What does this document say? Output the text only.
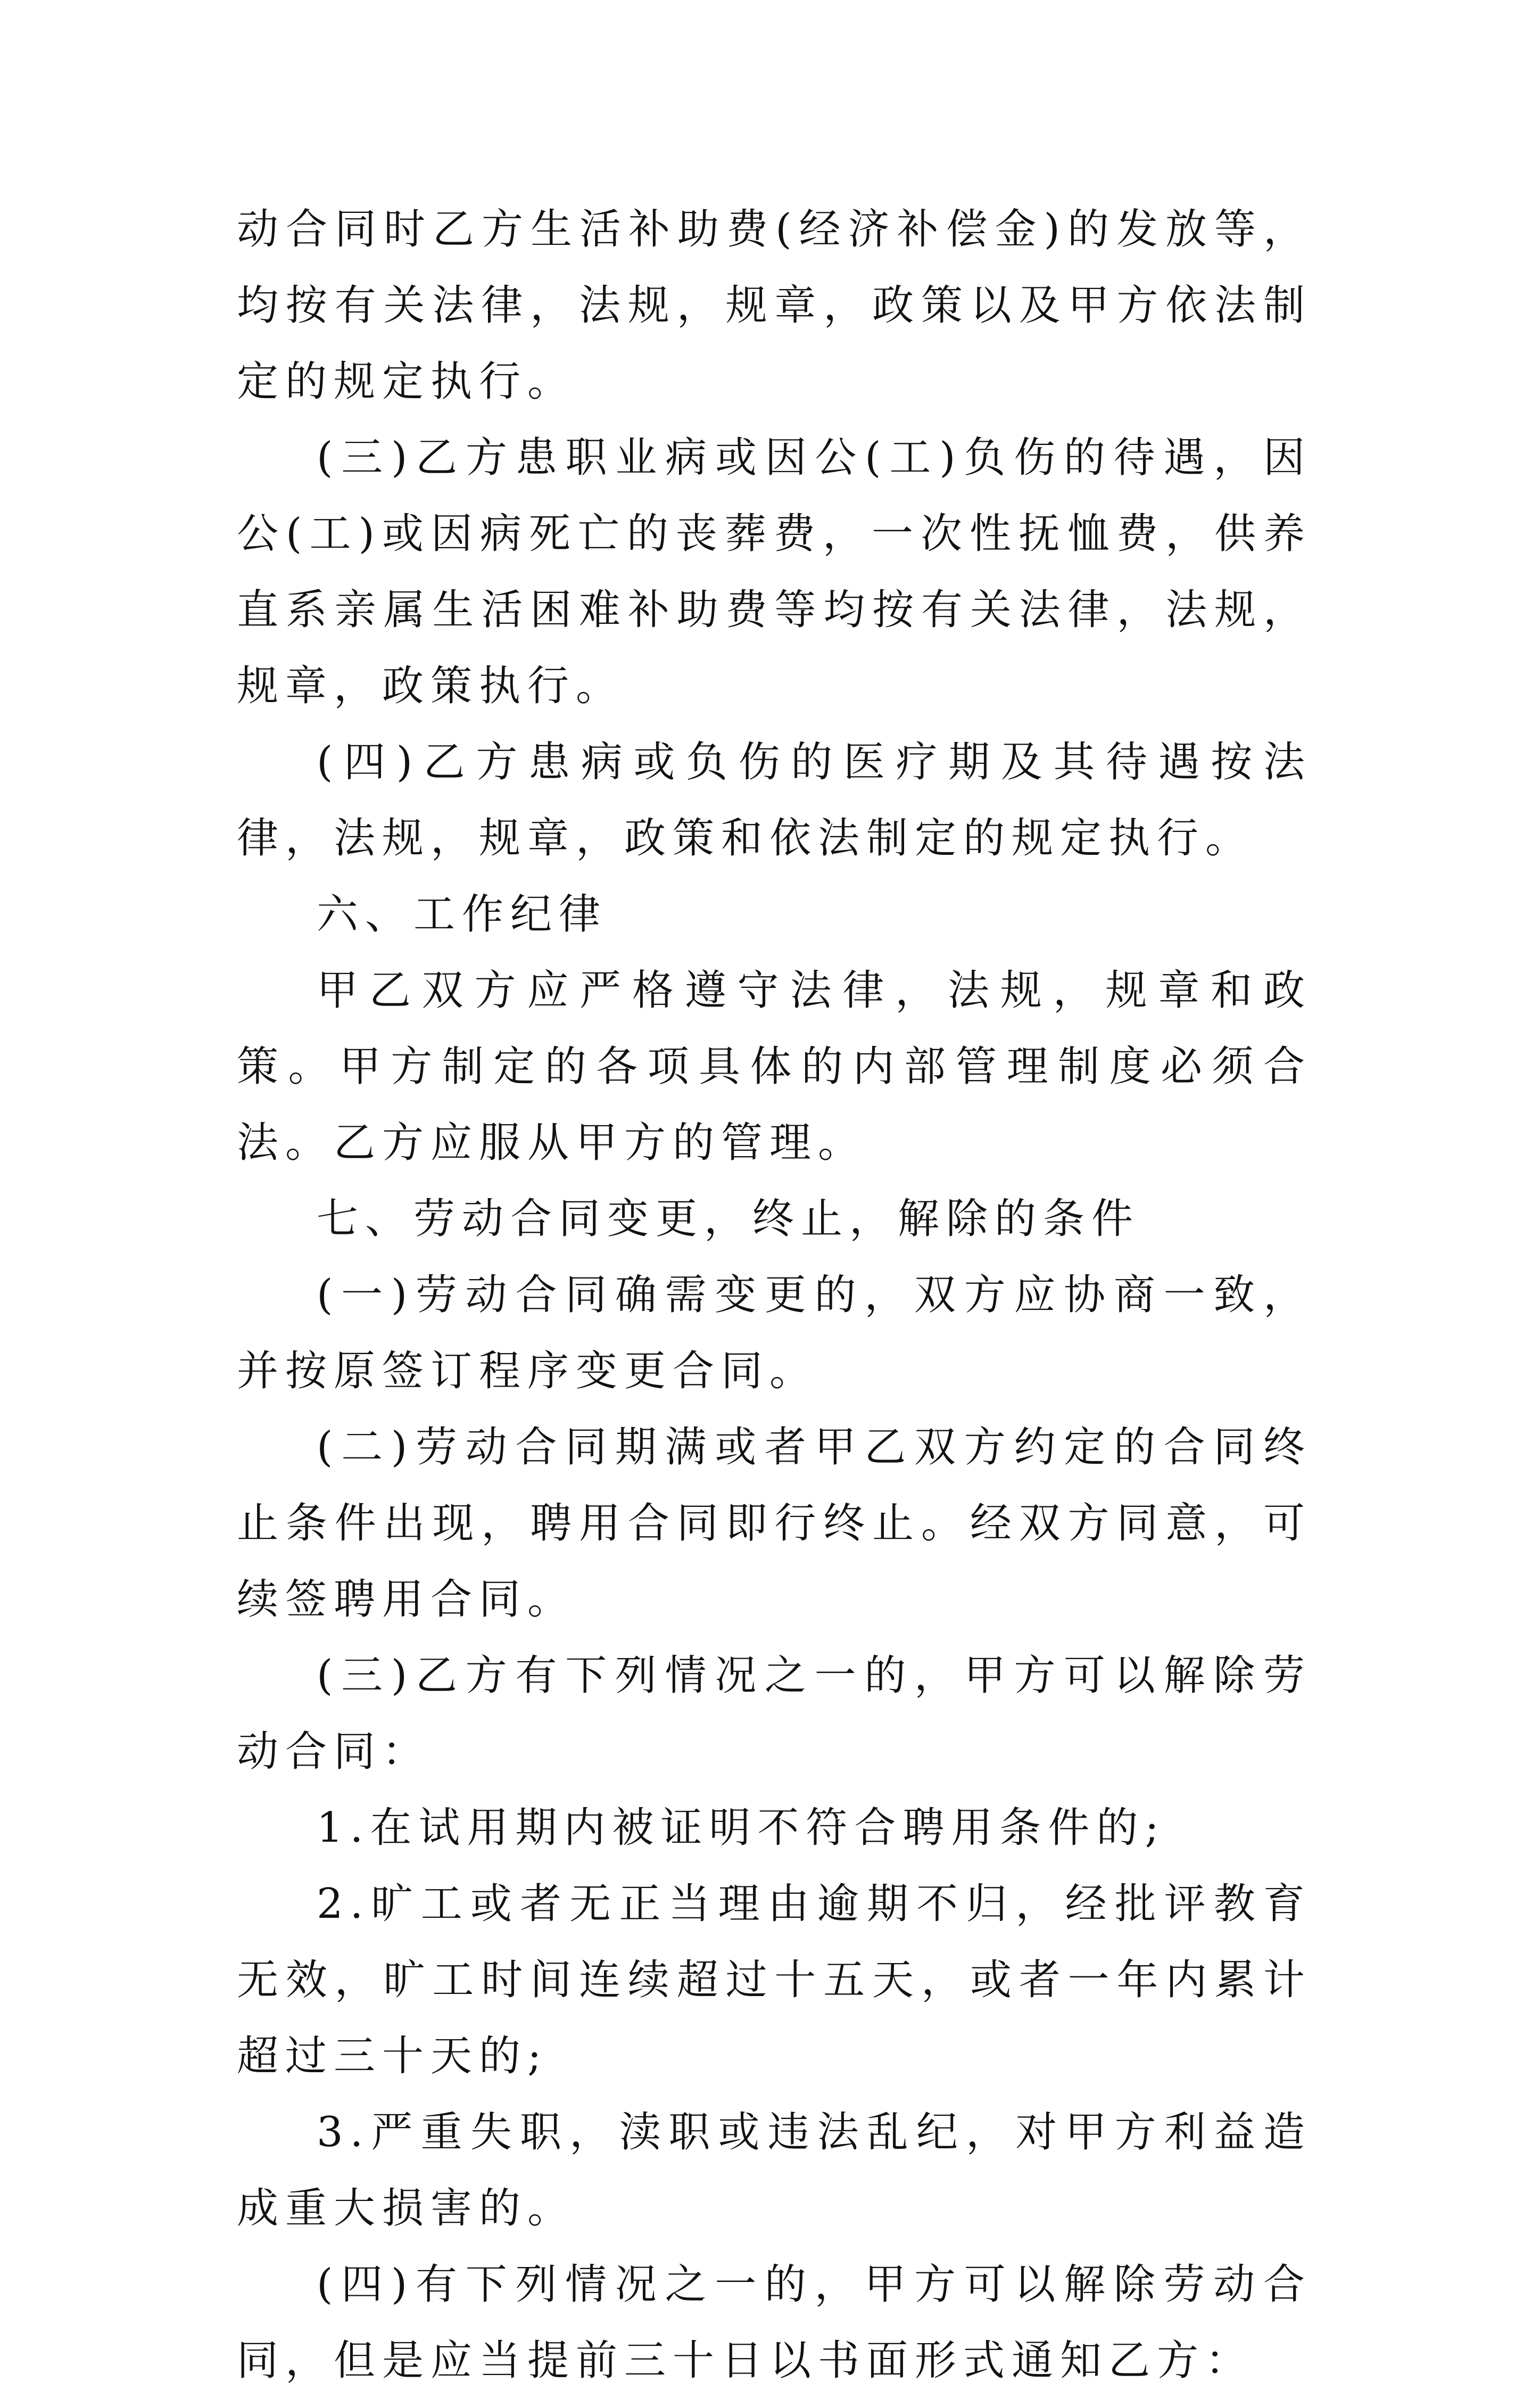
动合同时乙方生活补助费(经济补偿金)的发放等，均按有关法律，法规，规章，政策以及甲方依法制定的规定执行。

(三)乙方患职业病或因公(工)负伤的待遇，因公(工)或因病死亡的丧葬费，一次性抚恤费，供养直系亲属生活困难补助费等均按有关法律，法规，规章，政策执行。

(四)乙方患病或负伤的医疗期及其待遇按法律，法规，规章，政策和依法制定的规定执行。

六、工作纪律

甲乙双方应严格遵守法律，法规，规章和政策。甲方制定的各项具体的内部管理制度必须合法。乙方应服从甲方的管理。

七、劳动合同变更，终止，解除的条件

(一)劳动合同确需变更的，双方应协商一致，并按原签订程序变更合同。

(二)劳动合同期满或者甲乙双方约定的合同终止条件出现，聘用合同即行终止。经双方同意，可续签聘用合同。

(三)乙方有下列情况之一的，甲方可以解除劳动合同：

1.在试用期内被证明不符合聘用条件的;

2.旷工或者无正当理由逾期不归，经批评教育无效，旷工时间连续超过十五天，或者一年内累计超过三十天的;

3.严重失职，渎职或违法乱纪，对甲方利益造成重大损害的。

(四)有下列情况之一的，甲方可以解除劳动合同，但是应当提前三十日以书面形式通知乙方：
